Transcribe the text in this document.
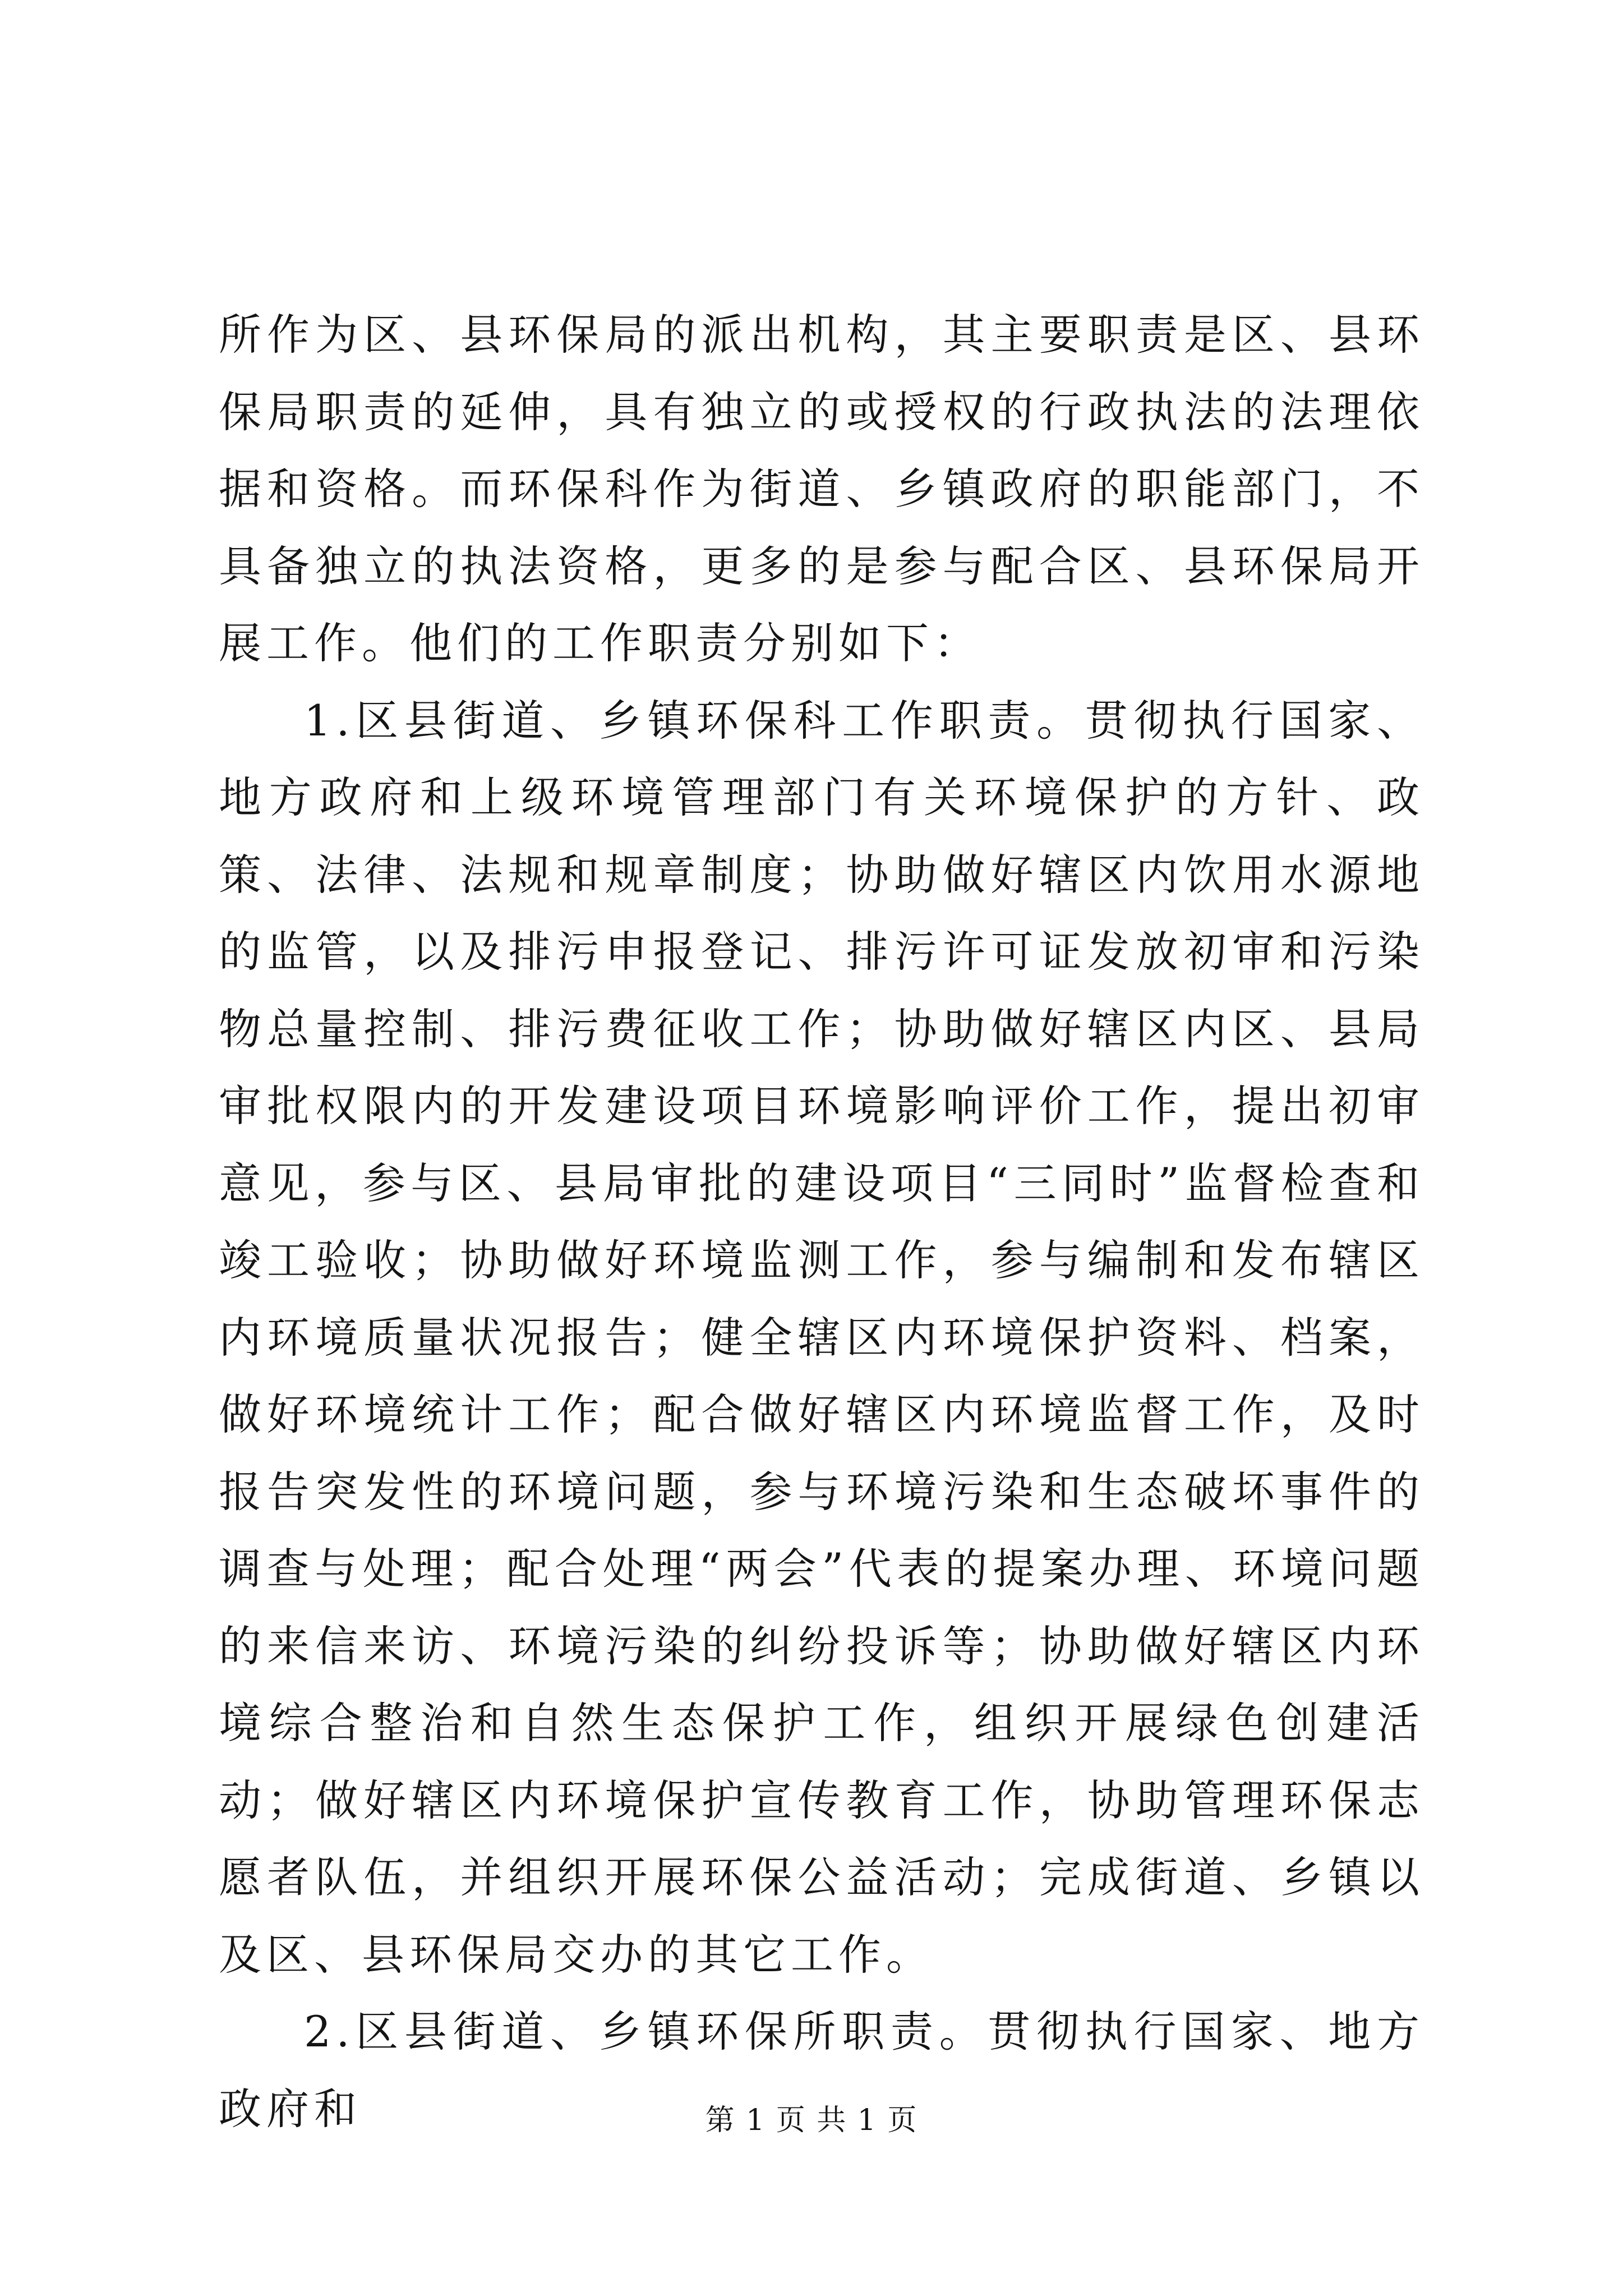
所作为区、县环保局的派出机构，其主要职责是区、县环保局职责的延伸，具有独立的或授权的行政执法的法理依据和资格。而环保科作为街道、乡镇政府的职能部门，不具备独立的执法资格，更多的是参与配合区、县环保局开展工作。他们的工作职责分别如下：

1.区县街道、乡镇环保科工作职责。贯彻执行国家、地方政府和上级环境管理部门有关环境保护的方针、政策、法律、法规和规章制度；协助做好辖区内饮用水源地的监管，以及排污申报登记、排污许可证发放初审和污染物总量控制、排污费征收工作；协助做好辖区内区、县局审批权限内的开发建设项目环境影响评价工作，提出初审意见，参与区、县局审批的建设项目“三同时”监督检查和竣工验收；协助做好环境监测工作，参与编制和发布辖区内环境质量状况报告；健全辖区内环境保护资料、档案，做好环境统计工作；配合做好辖区内环境监督工作，及时报告突发性的环境问题，参与环境污染和生态破坏事件的调查与处理；配合处理“两会”代表的提案办理、环境问题的来信来访、环境污染的纠纷投诉等；协助做好辖区内环境综合整治和自然生态保护工作，组织开展绿色创建活动；做好辖区内环境保护宣传教育工作，协助管理环保志愿者队伍，并组织开展环保公益活动；完成街道、乡镇以及区、县环保局交办的其它工作。

2.区县街道、乡镇环保所职责。贯彻执行国家、地方政府和	第 1 页 共 1 页
